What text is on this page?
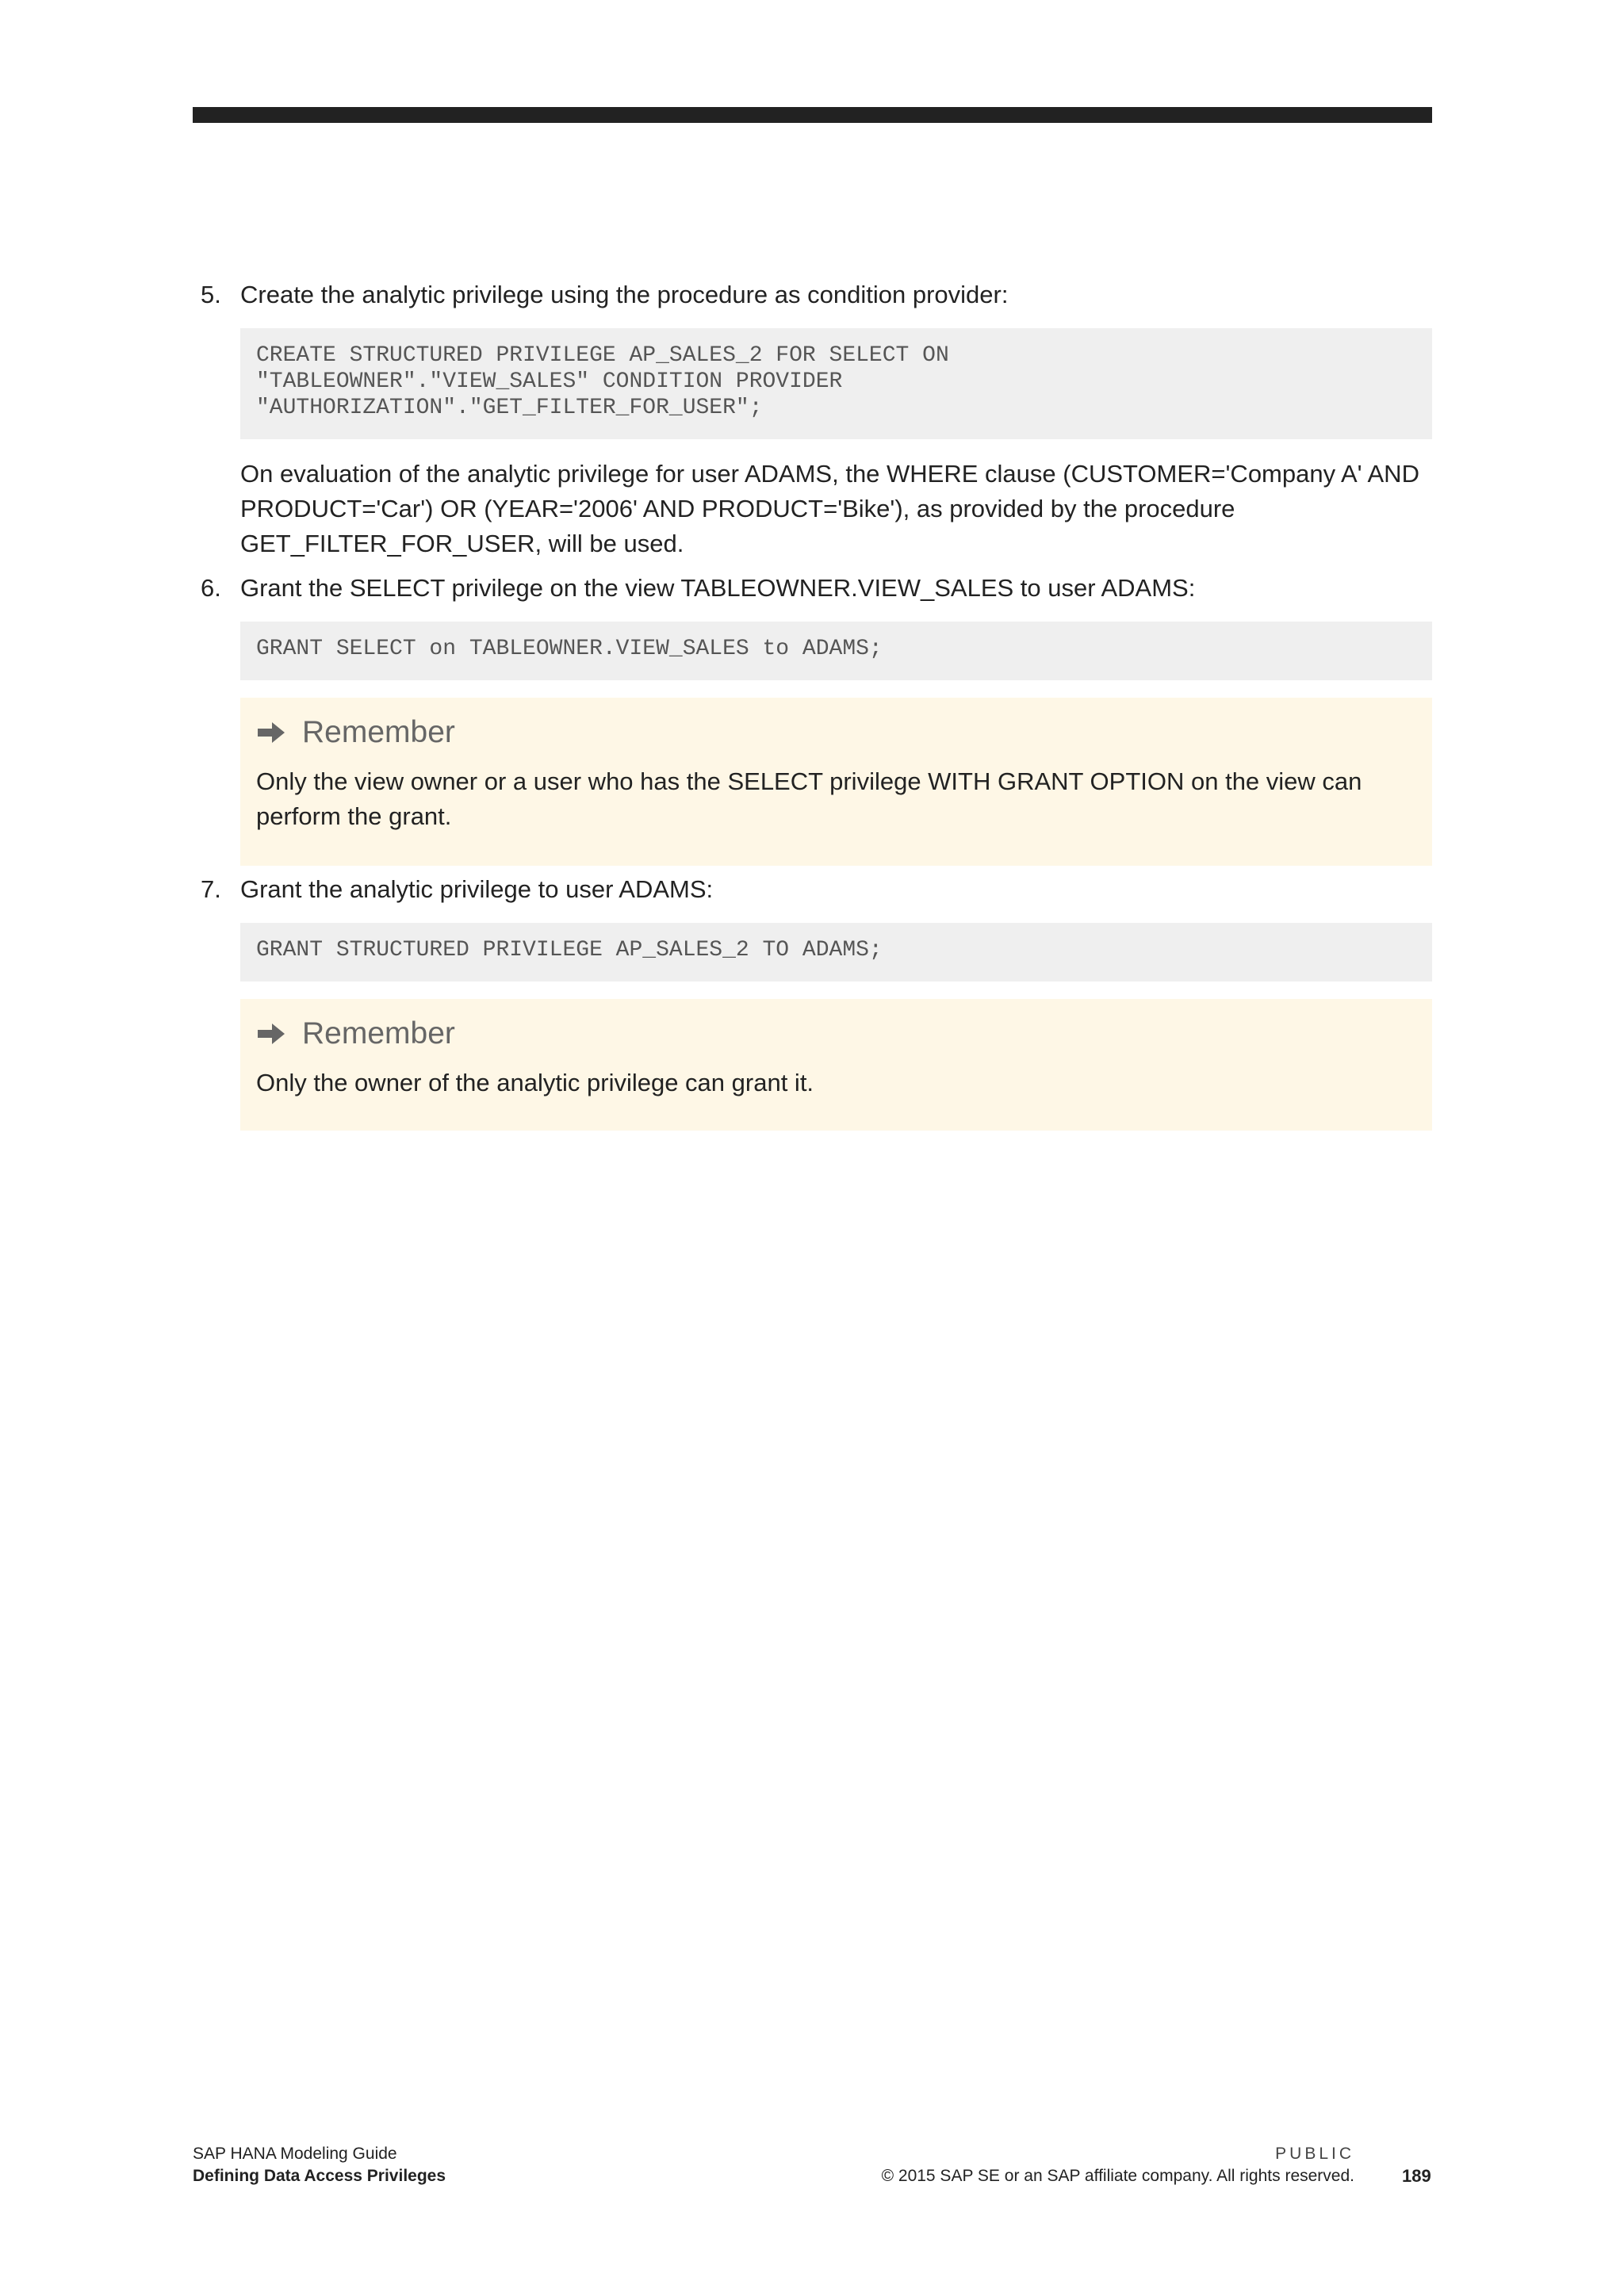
5. Create the analytic privilege using the procedure as condition provider:
CREATE STRUCTURED PRIVILEGE AP_SALES_2 FOR SELECT ON
"TABLEOWNER"."VIEW_SALES" CONDITION PROVIDER
"AUTHORIZATION"."GET_FILTER_FOR_USER";
On evaluation of the analytic privilege for user ADAMS, the WHERE clause (CUSTOMER='Company A' AND PRODUCT='Car') OR (YEAR='2006' AND PRODUCT='Bike'), as provided by the procedure GET_FILTER_FOR_USER, will be used.
6. Grant the SELECT privilege on the view TABLEOWNER.VIEW_SALES to user ADAMS:
GRANT SELECT on TABLEOWNER.VIEW_SALES to ADAMS;
Remember
Only the view owner or a user who has the SELECT privilege WITH GRANT OPTION on the view can perform the grant.
7. Grant the analytic privilege to user ADAMS:
GRANT STRUCTURED PRIVILEGE AP_SALES_2 TO ADAMS;
Remember
Only the owner of the analytic privilege can grant it.
SAP HANA Modeling Guide
Defining Data Access Privileges
PUBLIC
© 2015 SAP SE or an SAP affiliate company. All rights reserved.	189
